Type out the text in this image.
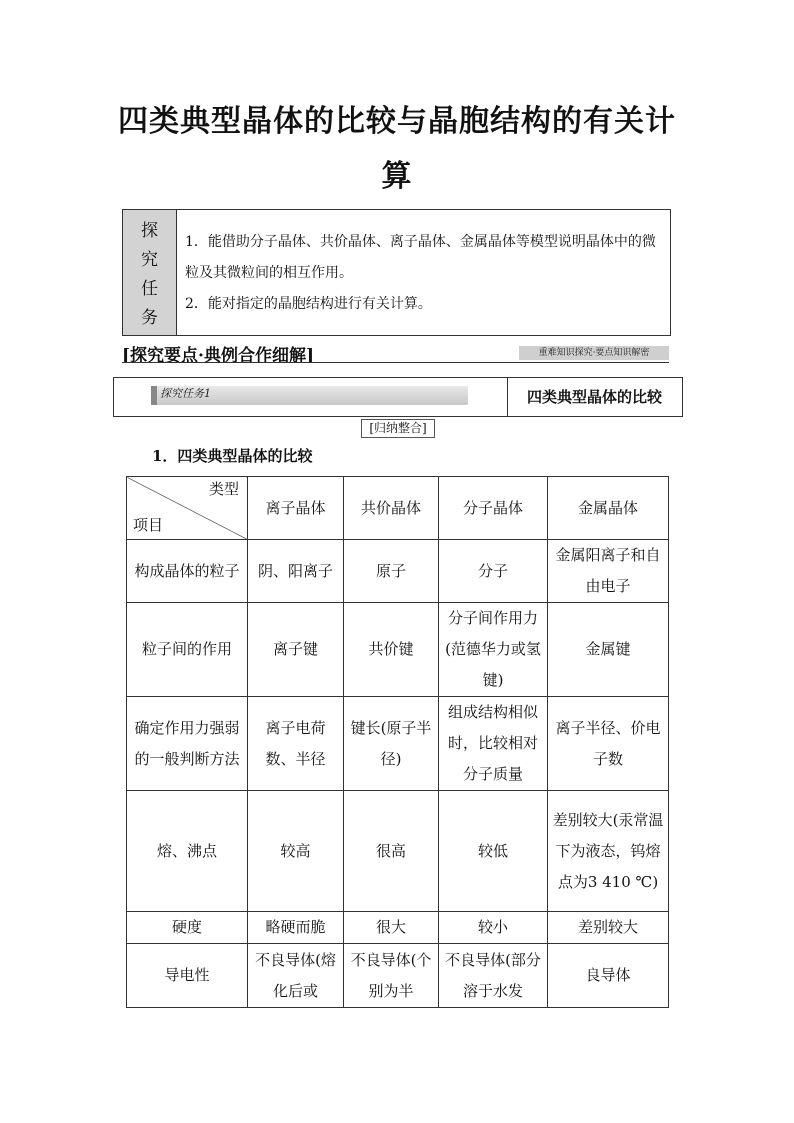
四类典型晶体的比较与晶胞结构的有关计
算
探
究
任
务
1．能借助分子晶体、共价晶体、离子晶体、金属晶体等模型说明晶体中的微粒及其微粒间的相互作用。
2．能对指定的晶胞结构进行有关计算。
[探究要点·典例合作细解]	重难知识探究·要点知识解密
探究任务1	四类典型晶体的比较
[归纳整合]
1．四类典型晶体的比较
类型
项目	离子晶体	共价晶体	分子晶体	金属晶体
构成晶体的粒子	阴、阳离子	原子	分子	金属阳离子和自由电子
粒子间的作用	离子键	共价键	分子间作用力(范德华力或氢键)	金属键
确定作用力强弱的一般判断方法	离子电荷数、半径	键长(原子半径)	组成结构相似时，比较相对分子质量	离子半径、价电子数
熔、沸点	较高	很高	较低	差别较大(汞常温下为液态，钨熔点为3 410 ℃)
硬度	略硬而脆	很大	较小	差别较大
导电性	不良导体(熔化后或	不良导体(个别为半	不良导体(部分溶于水发	良导体
